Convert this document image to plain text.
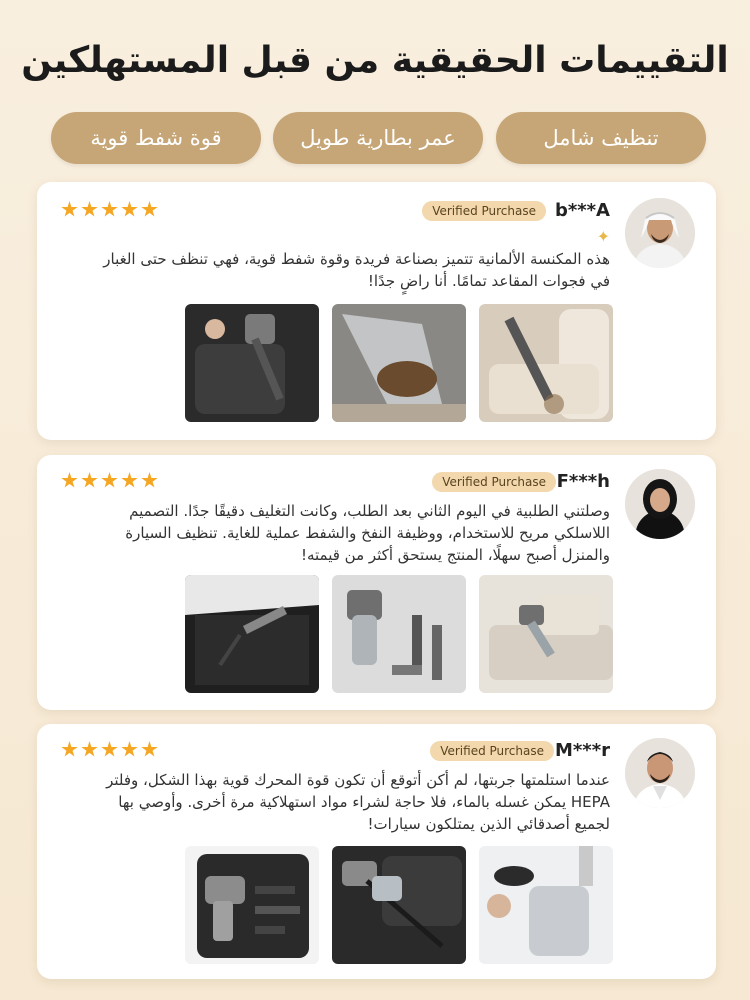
التقييمات الحقيقية من قبل المستهلكين
قوة شفط قوية	عمر بطارية طويل	تنظيف شامل
b***A
Verified Purchase
✦
هذه المكنسة الألمانية تتميز بصناعة فريدة وقوة شفط قوية، فهي تنظف حتى الغبار في فجوات المقاعد تمامًا. أنا راضٍ جدًا!
F***h
Verified Purchase
وصلتني الطلبية في اليوم الثاني بعد الطلب، وكانت التغليف دقيقًا جدًا. التصميم اللاسلكي مريح للاستخدام، ووظيفة النفخ والشفط عملية للغاية. تنظيف السيارة والمنزل أصبح سهلًا، المنتج يستحق أكثر من قيمته!
M***r
Verified Purchase
عندما استلمتها جربتها، لم أكن أتوقع أن تكون قوة المحرك قوية بهذا الشكل، وفلتر HEPA يمكن غسله بالماء، فلا حاجة لشراء مواد استهلاكية مرة أخرى. وأوصي بها لجميع أصدقائي الذين يمتلكون سيارات!
